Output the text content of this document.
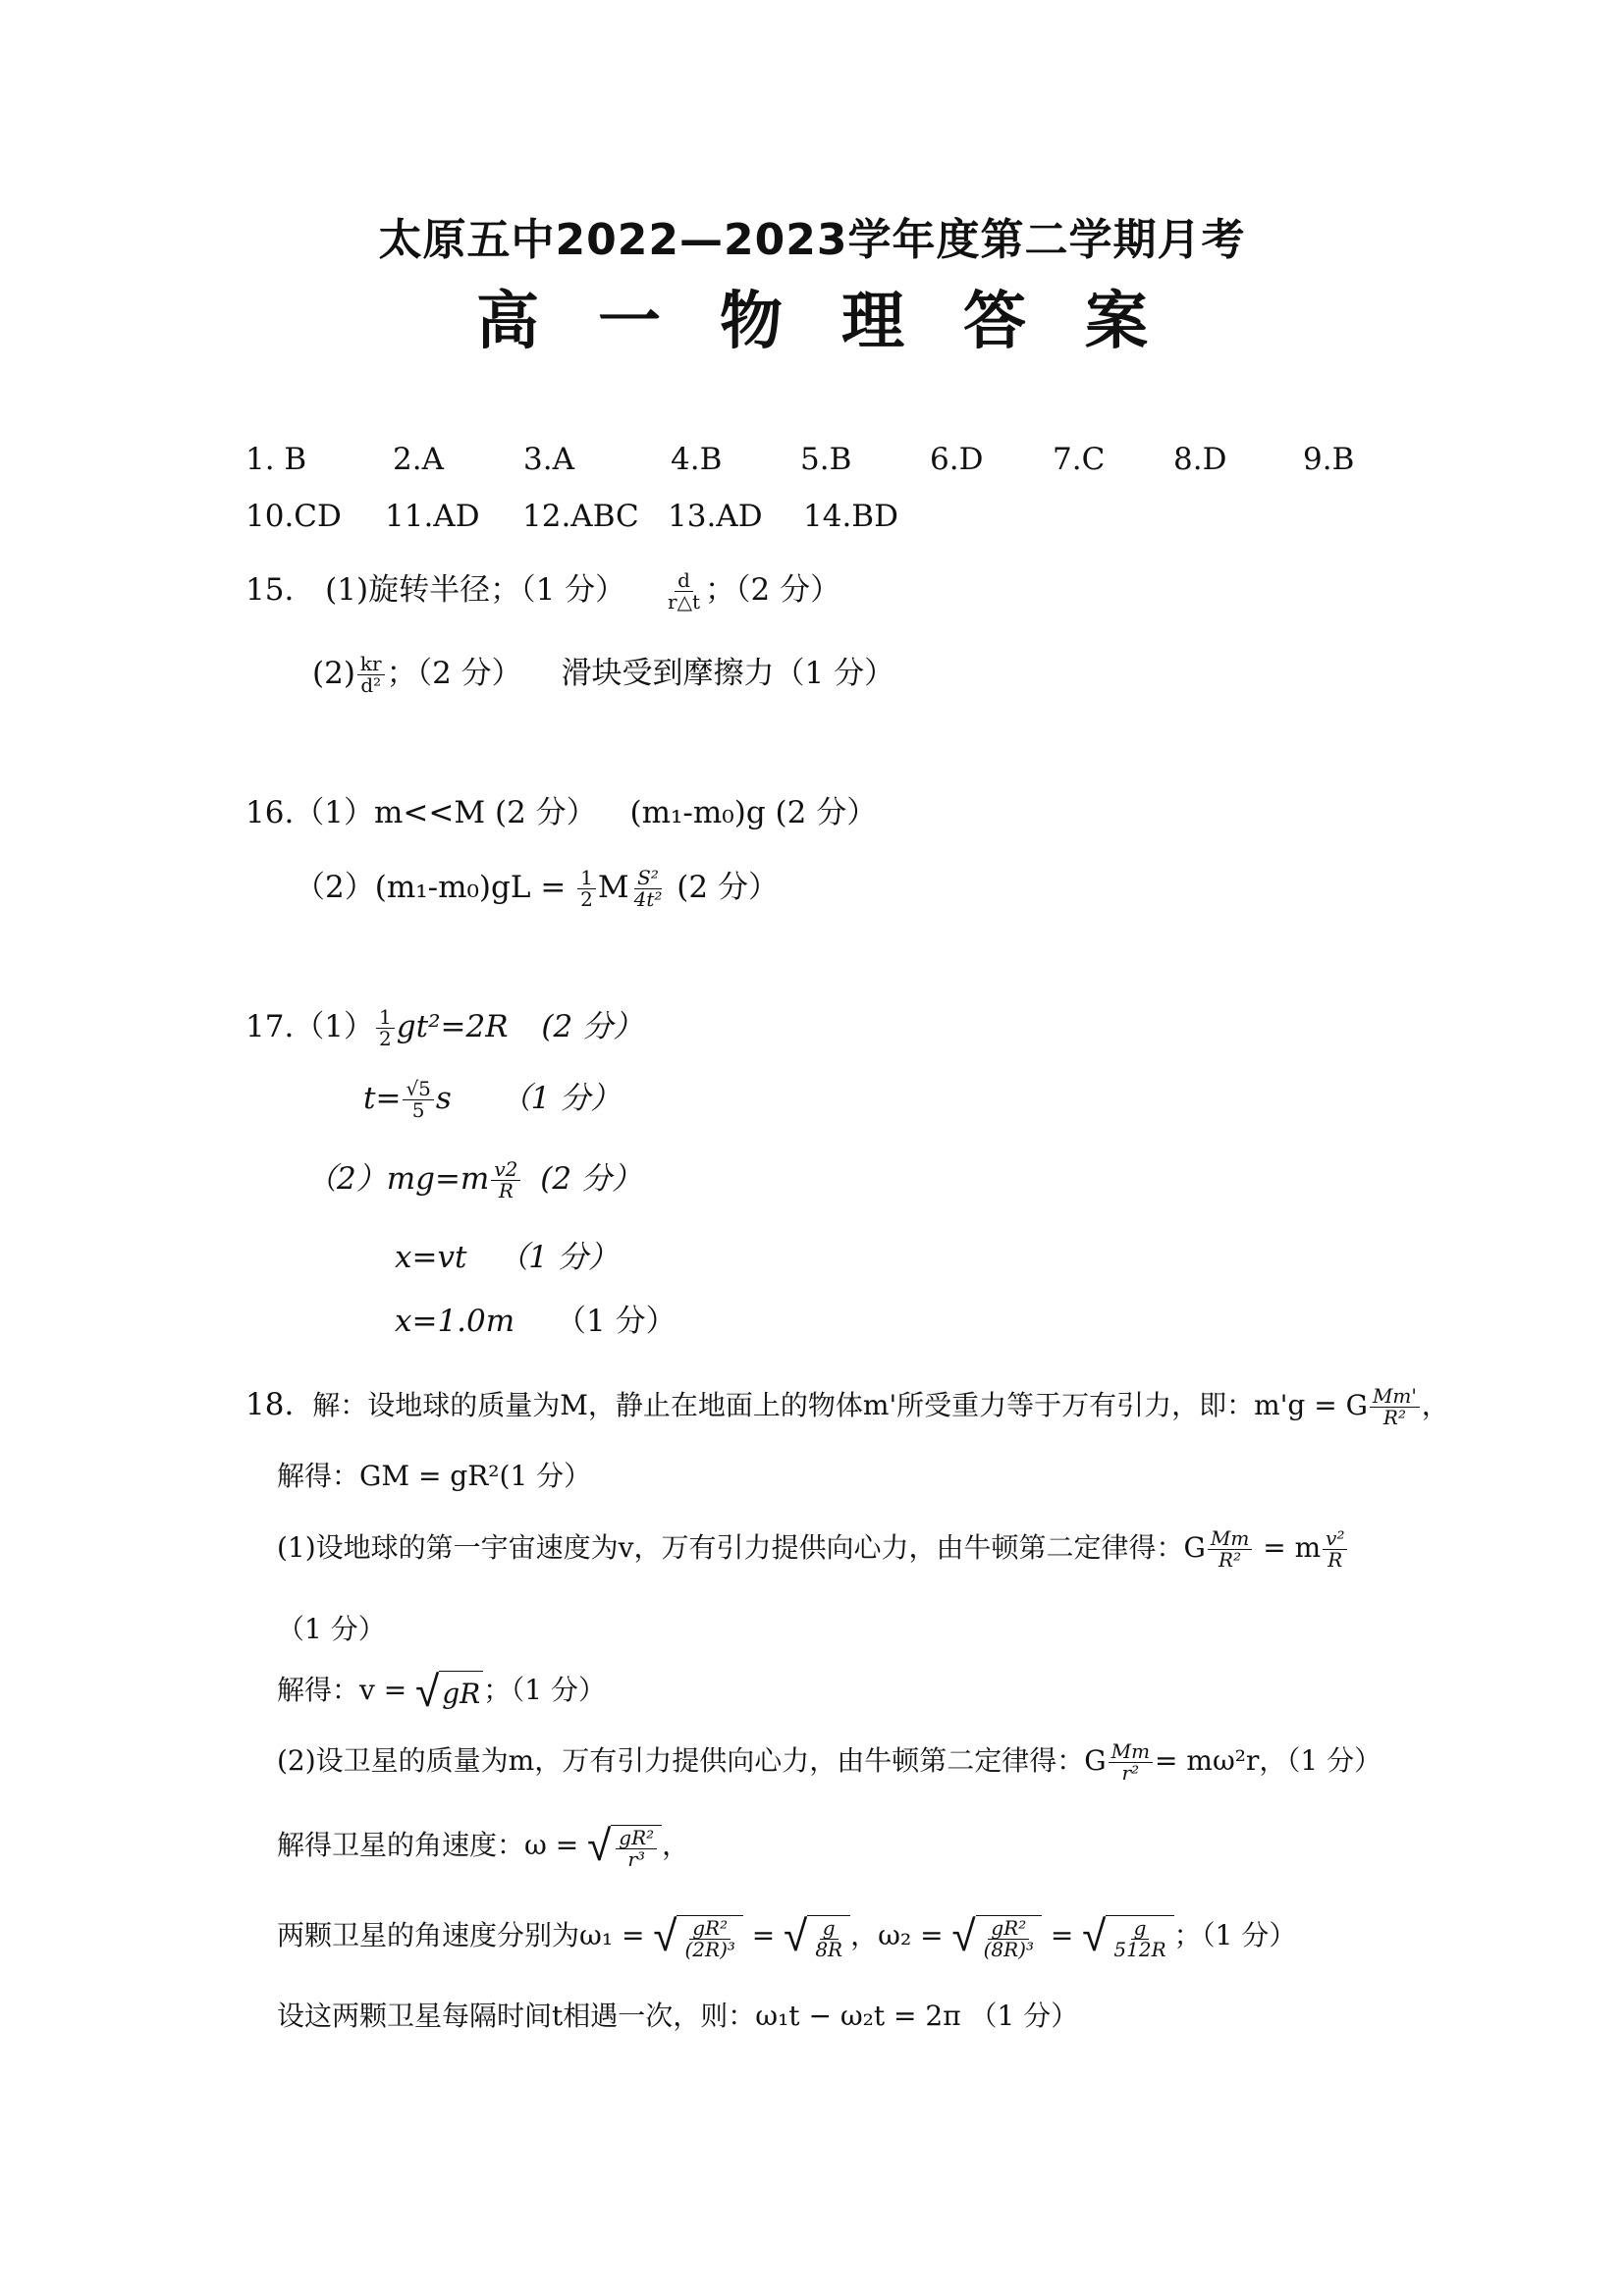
太原五中2022—2023学年度第二学期月考
高 一 物 理 答 案
1. B	2.A	3.A	4.B	5.B	6.D 7.C 8.D	9.B
10.CD 11.AD 12.ABC 13.AD 14.BD
15. (1)旋转半径；（1 分） $\frac{d}{r\triangle t}$ ；（2 分）
$(2) \frac{kr}{\text{d²}}$ ；（2 分） 滑块受到摩擦力（1 分）
16.（1）m<<M (2 分） (m₁-m₀)g (2 分）
$(2)(m_1-m_0)gL = \frac{1}{2}$ M $\frac{\text{S²}}{\text{4t²}} (2$ 分）
$17.(1) \frac{1}{2} gt^2=2R$ (2 分）
$t= \frac{√5}{5}$ s （1 分）
$(2)mg=m \frac{v2}{R} (2$ 分）
x=vt （1 分）
x=1.0m （1 分）
18. 解：设地球的质量为M，静止在地面上的物体m'所受重力等于万有引力，即：m'g = G $\frac{Mm'}{\text{R²}}$ ，
解得：GM = gR²(1 分）
(1)设地球的第一宇宙速度为v，万有引力提供向心力，由牛顿第二定律得：G $\frac{Mm}{\text{R²}} = m \frac{\text{v²}}{R}$
（1 分）
解得：v = √ gR ；（1 分）
(2)设卫星的质量为m，万有引力提供向心力，由牛顿第二定律得：G $\frac{Mm}{\text{r²}} = m\omega^2r$，（1 分）
解得卫星的角速度：ω = √ $\frac{\text{gR²}}{\text{r³}}$ ，
两颗卫星的角速度分别为ω₁ = √ $\frac{\text{gR²}}{\text{(2R)³}}$ = √ $\frac{g}{8R}$ ，ω₂ = √ $\frac{\text{gR²}}{\text{(8R)³}}$ = √ $\frac{g}{512R}$ ；（1 分）
设这两颗卫星每隔时间t相遇一次，则：ω₁t − ω₂t = 2π （1 分）
